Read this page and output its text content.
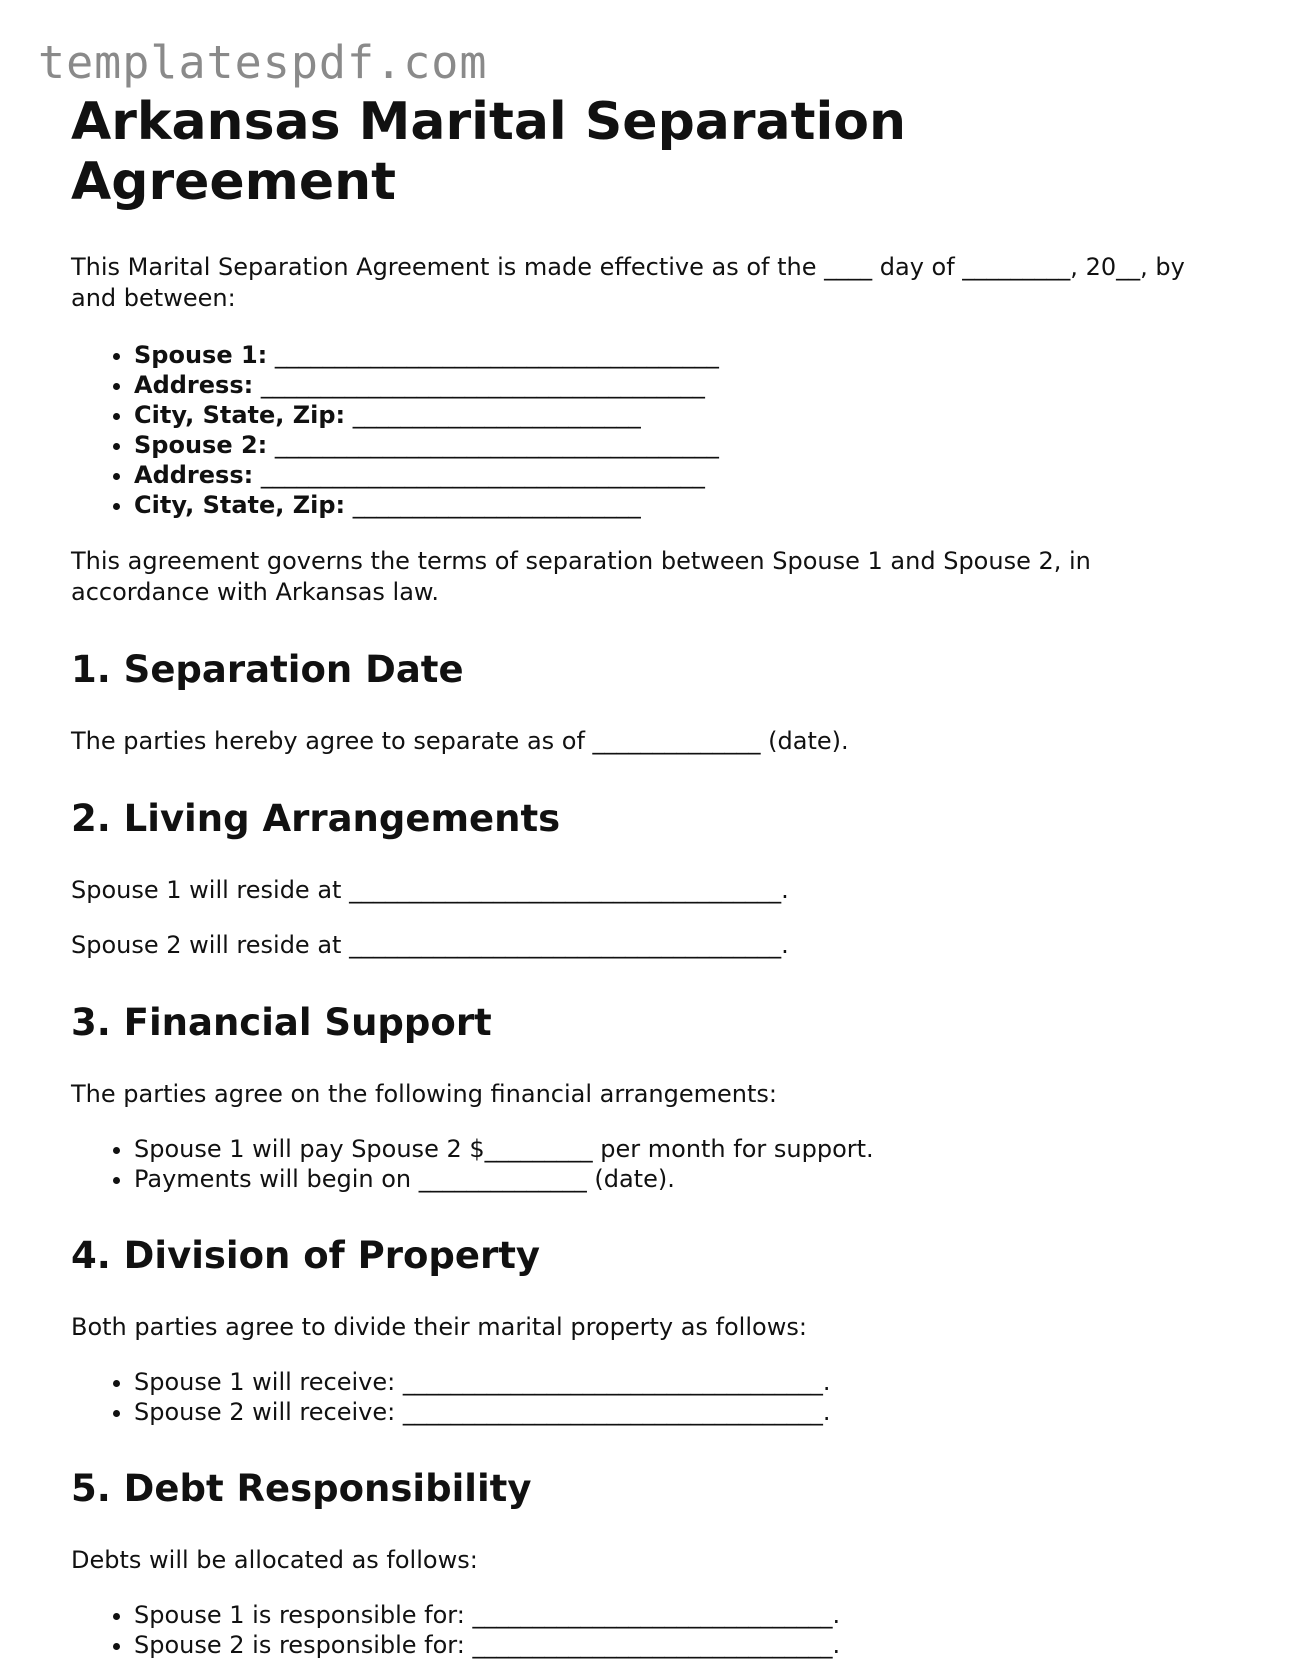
templatespdf.com
Arkansas Marital Separation Agreement

This Marital Separation Agreement is made effective as of the ____ day of _________, 20__, by and between:

• Spouse 1: _____________________________________
• Address: _____________________________________
• City, State, Zip: ________________________
• Spouse 2: _____________________________________
• Address: _____________________________________
• City, State, Zip: ________________________

This agreement governs the terms of separation between Spouse 1 and Spouse 2, in accordance with Arkansas law.

1. Separation Date

The parties hereby agree to separate as of ______________ (date).

2. Living Arrangements

Spouse 1 will reside at ____________________________________.

Spouse 2 will reside at ____________________________________.

3. Financial Support

The parties agree on the following financial arrangements:

• Spouse 1 will pay Spouse 2 $_________ per month for support.
• Payments will begin on ______________ (date).
4. Division of Property

Both parties agree to divide their marital property as follows:

• Spouse 1 will receive: ___________________________________.
• Spouse 2 will receive: ___________________________________.
5. Debt Responsibility

Debts will be allocated as follows:

• Spouse 1 is responsible for: ______________________________.
• Spouse 2 is responsible for: ______________________________.
